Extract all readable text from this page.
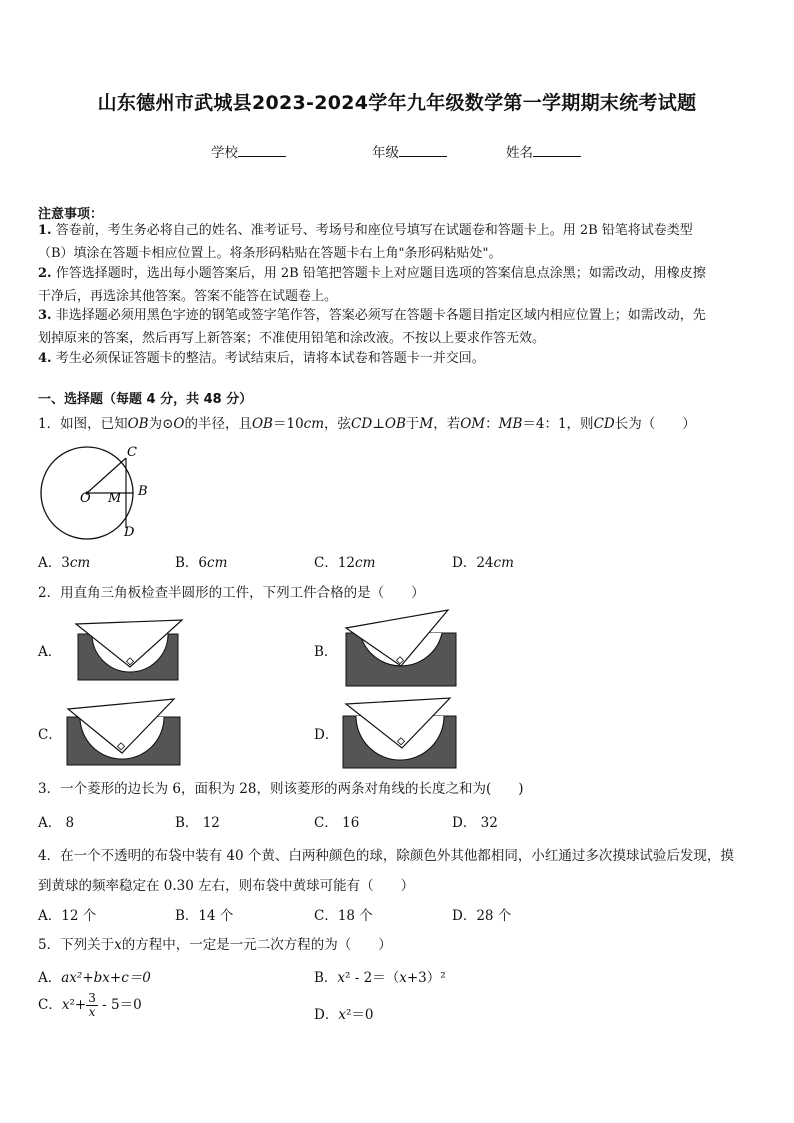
山东德州市武城县2023-2024学年九年级数学第一学期期末统考试题
学校	年级	姓名
注意事项：
1. 答卷前，考生务必将自己的姓名、准考证号、考场号和座位号填写在试题卷和答题卡上。用 2B 铅笔将试卷类型
（B）填涂在答题卡相应位置上。将条形码粘贴在答题卡右上角"条形码粘贴处"。
2. 作答选择题时，选出每小题答案后，用 2B 铅笔把答题卡上对应题目选项的答案信息点涂黑；如需改动，用橡皮擦
干净后，再选涂其他答案。答案不能答在试题卷上。
3. 非选择题必须用黑色字迹的钢笔或签字笔作答，答案必须写在答题卡各题目指定区域内相应位置上；如需改动，先
划掉原来的答案，然后再写上新答案；不准使用铅笔和涂改液。不按以上要求作答无效。
4. 考生必须保证答题卡的整洁。考试结束后，请将本试卷和答题卡一并交回。
一、选择题（每题 4 分，共 48 分）
1．如图，已知OB为⊙O的半径，且OB＝10cm，弦CD⊥OB于M，若OM：MB＝4：1，则CD长为（　　）
C
O M B
D
A．3cm	B．6cm	C．12cm	D．24cm
2．用直角三角板检查半圆形的工件，下列工件合格的是（　　）
A．	B．
C．	D．
3．一个菱形的边长为 6，面积为 28，则该菱形的两条对角线的长度之和为(　　)
A． 8	B． 12	C． 16	D． 32
4．在一个不透明的布袋中装有 40 个黄、白两种颜色的球，除颜色外其他都相同，小红通过多次摸球试验后发现，摸
到黄球的频率稳定在 0.30 左右，则布袋中黄球可能有（　　）
A．12 个	B．14 个	C．18 个	D．28 个
5．下列关于x的方程中，一定是一元二次方程的为（　　）
A．ax²+bx+c＝0	B．x² - 2＝（x+3）²
C．$x^2+ \frac{3}{x} - 5=0$
D．x²＝0
